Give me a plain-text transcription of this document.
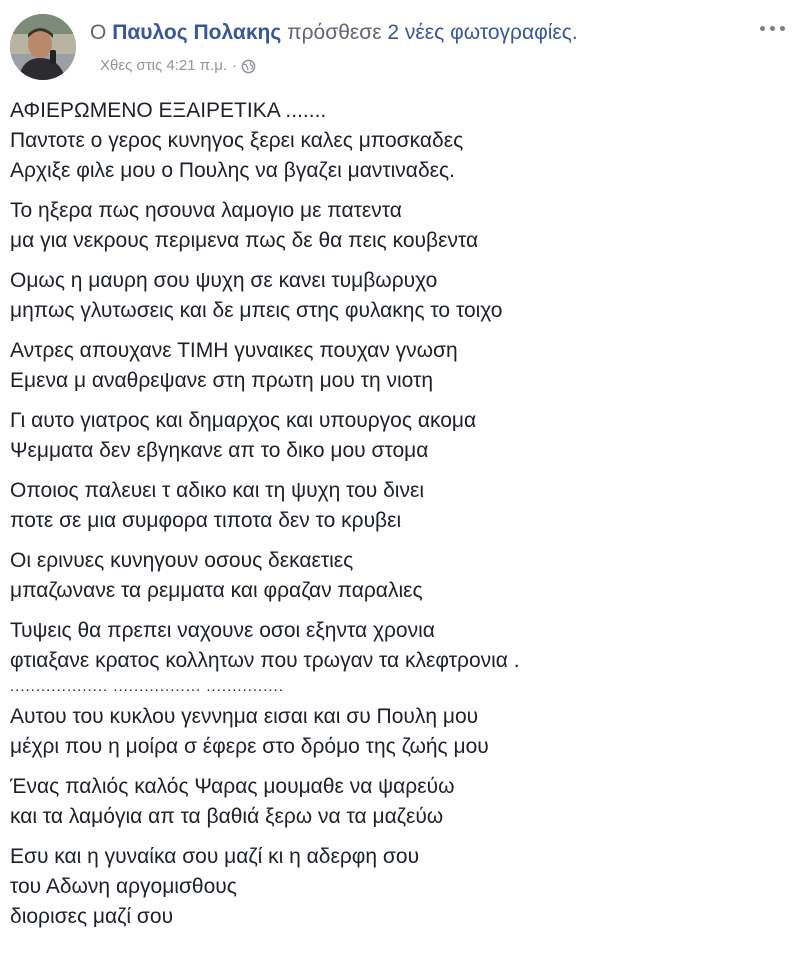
Ο Παυλος Πολακης πρόσθεσε 2 νέες φωτογραφίες.
Χθες στις 4:21 π.μ. ·
ΑΦΙΕΡΩΜΕΝΟ ΕΞΑΙΡΕΤΙΚΑ .......
Παντοτε ο γερος κυνηγος ξερει καλες μποσκαδες
Αρχιξε φιλε μου ο Πουλης να βγαζει μαντιναδες.
Το ηξερα πως ησουνα λαμογιο με πατεντα
μα για νεκρους περιμενα πως δε θα πεις κουβεντα
Ομως η μαυρη σου ψυχη σε κανει τυμβωρυχο
μηπως γλυτωσεις και δε μπεις στης φυλακης το τοιχο
Αντρες απουχανε ΤΙΜΗ γυναικες πουχαν γνωση
Εμενα μ αναθρεψανε στη πρωτη μου τη νιοτη
Γι αυτο γιατρος και δημαρχος και υπουργος ακομα
Ψεμματα δεν εβγηκανε απ το δικο μου στομα
Οποιος παλευει τ αδικο και τη ψυχη του δινει
ποτε σε μια συμφορα τιποτα δεν το κρυβει
Οι ερινυες κυνηγουν οσους δεκαετιες
μπαζωνανε τα ρεμματα και φραζαν παραλιες
Τυψεις θα πρεπει ναχουνε οσοι εξηντα χρονια
φτιαξανε κρατος κολλητων που τρωγαν τα κλεφτρονια .
................... ................. ...............
Αυτου του κυκλου γεννημα εισαι και συ Πουλη μου
μέχρι που η μοίρα σ έφερε στο δρόμο της ζωής μου
Ένας παλιός καλός Ψαρας μουμαθε να ψαρεύω
και τα λαμόγια απ τα βαθιά ξερω να τα μαζεύω
Εσυ και η γυναίκα σου μαζί κι η αδερφη σου
του Αδωνη αργομισθους
διορισες μαζί σου
